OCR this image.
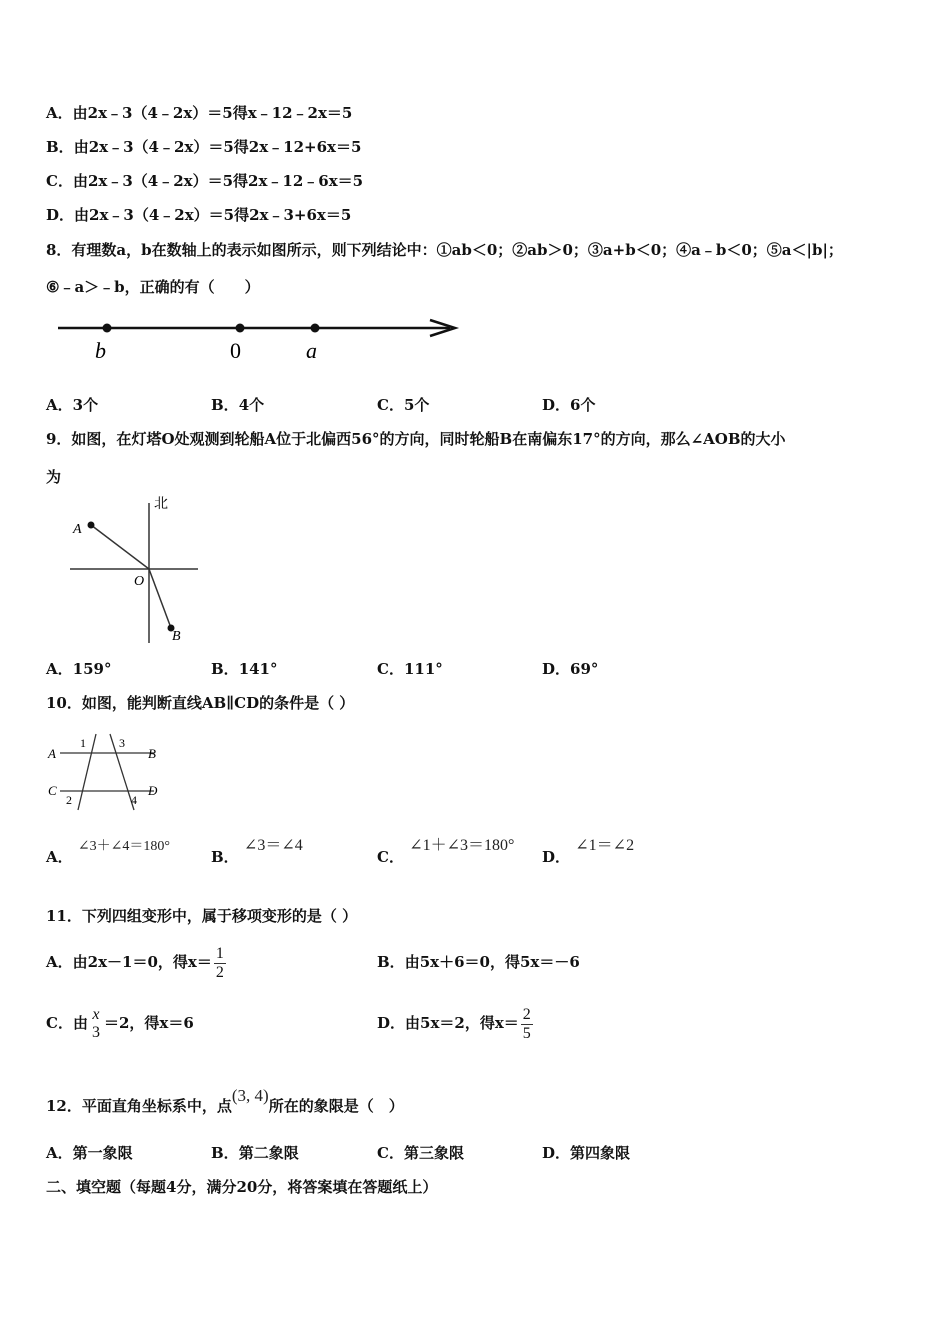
A．由2x﹣3（4﹣2x）＝5得x﹣12﹣2x＝5
B．由2x﹣3（4﹣2x）＝5得2x﹣12+6x＝5
C．由2x﹣3（4﹣2x）＝5得2x﹣12﹣6x＝5
D．由2x﹣3（4﹣2x）＝5得2x﹣3+6x＝5
8．有理数a，b在数轴上的表示如图所示，则下列结论中：①ab＜0；②ab＞0；③a+b＜0；④a﹣b＜0；⑤a＜|b|；
⑥﹣a＞﹣b，正确的有（　　）
b	0	a
A．3个	B．4个	C．5个	D．6个
9．如图，在灯塔O处观测到轮船A位于北偏西56°的方向，同时轮船B在南偏东17°的方向，那么∠AOB的大小
为
北
A
O
B
A．159°	B．141°	C．111°	D．69°
10．如图，能判断直线AB∥CD的条件是（ ）
A	B
C	D
1	3
2	4
A． ∠3＋∠4＝180°
B． ∠3＝∠4
C． ∠1＋∠3＝180°
D． ∠1＝∠2
11．下列四组变形中，属于移项变形的是（ ）
A．由2x－1＝0，得$x= \frac{1}{2}$	B．由5x＋6＝0，得5x＝－6
C．由 x
3
＝2，得x＝6	D．由5x＝2，得$x= \frac{2}{5}$
12．平面直角坐标系中，点(3, 4)所在的象限是（　）
A．第一象限	B．第二象限	C．第三象限	D．第四象限
二、填空题（每题4分，满分20分，将答案填在答题纸上）
